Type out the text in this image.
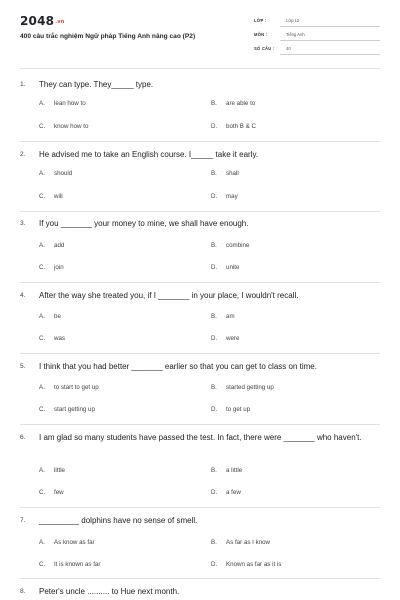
2048.vn
400 câu trắc nghiệm Ngữ pháp Tiếng Anh nâng cao (P2)
LỚP :	Lớp 12
MÔN :	Tiếng Anh
SỐ CÂU :	40
1. They can type. They_____ type.
A. lean how to	B. are able to
C. know how to	D. both B & C
2. He advised me to take an English course. I_____ take it early.
A. should	B. shall
C. will	D. may
3. If you _______ your money to mine, we shall have enough.
A. add	B. combine
C. join	D. unite
4. After the way she treated you, if I _______ in your place, I wouldn't recall.
A. be	B. am
C. was	D. were
5. I think that you had better _______ earlier so that you can get to class on time.
A. to start to get up	B. started getting up
C. start getting up	D. to get up
6. I am glad so many students have passed the test. In fact, there were _______ who haven't.
A. little	B. a little
C. few	D. a few
7. _________ dolphins have no sense of smell.
A. As know as far	B. As far as I know
C. It is known as far	D. Known as far as it is
8. Peter's uncle .......... to Hue next month.
